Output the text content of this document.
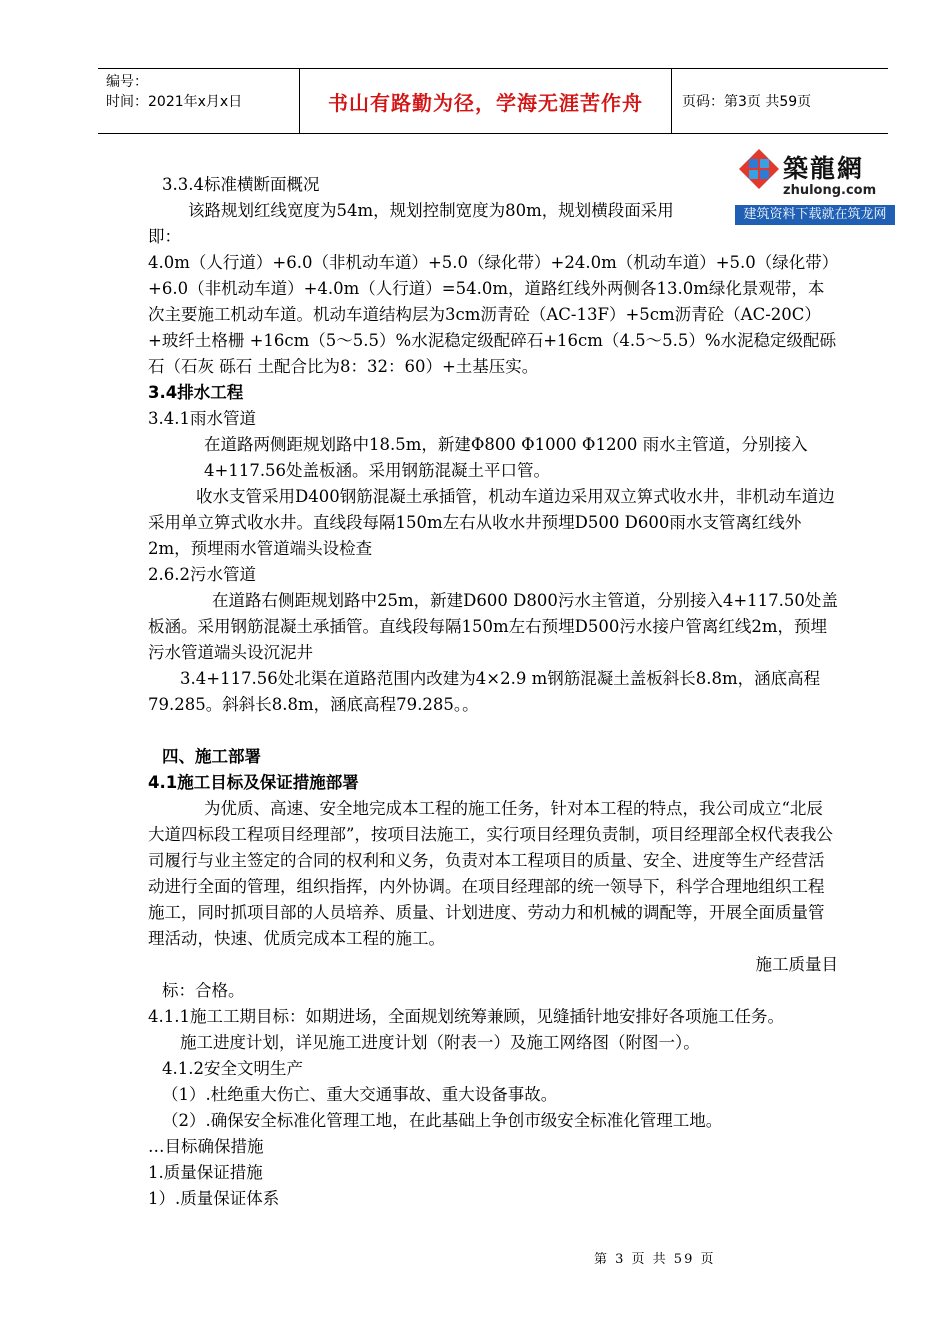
编号：
时间：2021年x月x日	书山有路勤为径，学海无涯苦作舟	页码：第3页 共59页
築龍網
zhulong.com
建筑资料下载就在筑龙网

3.3.4标准横断面概况

该路规划红线宽度为54m，规划控制宽度为80m，规划横段面采用

即：

4.0m（人行道）+6.0（非机动车道）+5.0（绿化带）+24.0m（机动车道）+5.0（绿化带）+6.0（非机动车道）+4.0m（人行道）=54.0m，道路红线外两侧各13.0m绿化景观带，本次主要施工机动车道。机动车道结构层为3cm沥青砼（AC-13F）+5cm沥青砼（AC-20C）+玻纤土格栅 +16cm（5～5.5）%水泥稳定级配碎石+16cm（4.5～5.5）%水泥稳定级配砾石（石灰 砾石 土配合比为8：32：60）+土基压实。

3.4排水工程

3.4.1雨水管道

在道路两侧距规划路中18.5m，新建Φ800 Φ1000 Φ1200 雨水主管道，分别接入4+117.56处盖板涵。采用钢筋混凝土平口管。

收水支管采用D400钢筋混凝土承插管，机动车道边采用双立箅式收水井，非机动车道边采用单立箅式收水井。直线段每隔150m左右从收水井预埋D500 D600雨水支管离红线外2m，预埋雨水管道端头设检查

2.6.2污水管道

在道路右侧距规划路中25m，新建D600 D800污水主管道，分别接入4+117.50处盖板涵。采用钢筋混凝土承插管。直线段每隔150m左右预埋D500污水接户管离红线2m，预埋污水管道端头设沉泥井

3.4+117.56处北渠在道路范围内改建为4×2.9 m钢筋混凝土盖板斜长8.8m，涵底高程79.285。斜斜长8.8m，涵底高程79.285。。

四、施工部署

4.1施工目标及保证措施部署

为优质、高速、安全地完成本工程的施工任务，针对本工程的特点，我公司成立“北辰大道四标段工程项目经理部”，按项目法施工，实行项目经理负责制，项目经理部全权代表我公司履行与业主签定的合同的权利和义务，负责对本工程项目的质量、安全、进度等生产经营活动进行全面的管理，组织指挥，内外协调。在项目经理部的统一领导下，科学合理地组织工程施工，同时抓项目部的人员培养、质量、计划进度、劳动力和机械的调配等，开展全面质量管理活动，快速、优质完成本工程的施工。

施工质量目

标：合格。

4.1.1施工工期目标：如期进场，全面规划统筹兼顾，见缝插针地安排好各项施工任务。

施工进度计划，详见施工进度计划（附表一）及施工网络图（附图一）。

4.1.2安全文明生产

（1）.杜绝重大伤亡、重大交通事故、重大设备事故。

（2）.确保安全标准化管理工地，在此基础上争创市级安全标准化管理工地。

…目标确保措施

1.质量保证措施

1）.质量保证体系

第 3 页 共 59 页
